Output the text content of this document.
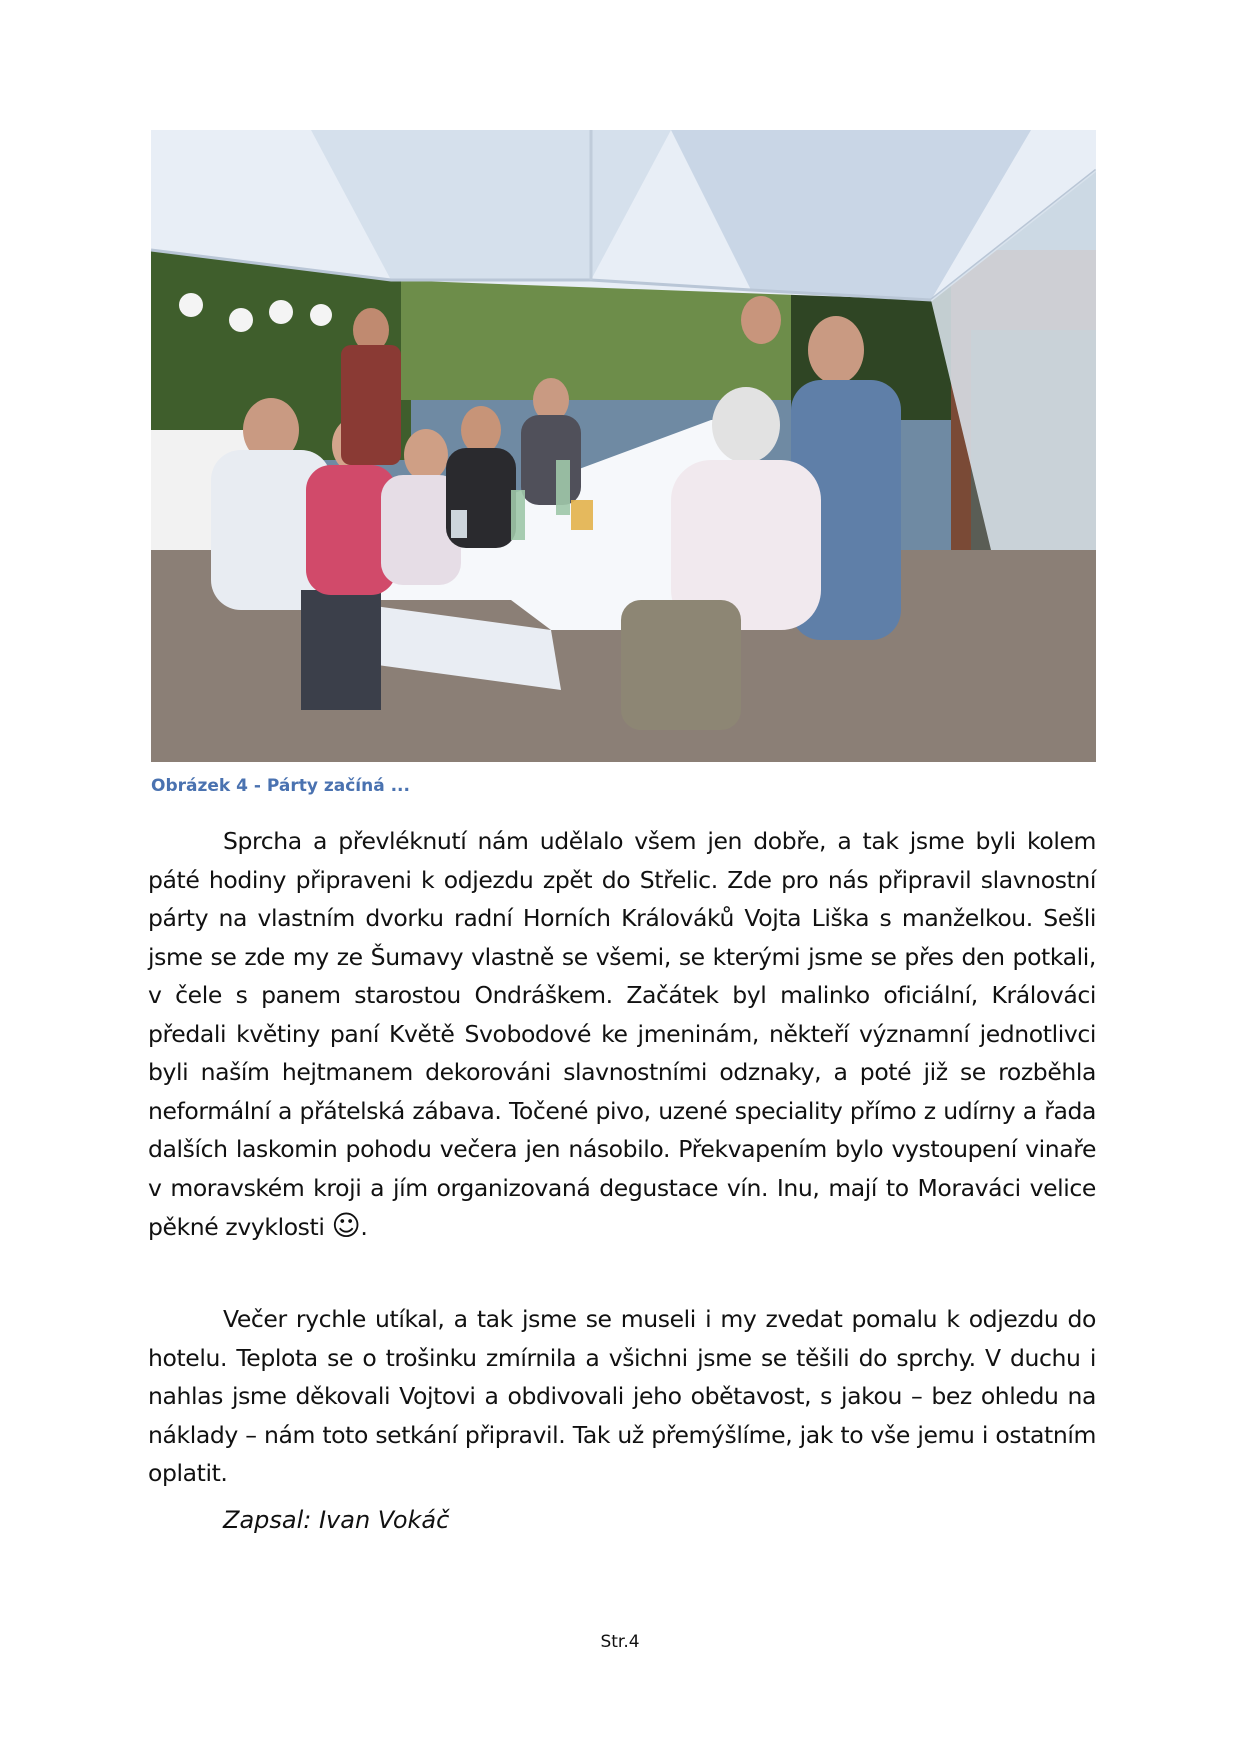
Obrázek 4 - Párty začíná ...

Sprcha a převléknutí nám udělalo všem jen dobře, a tak jsme byli kolem páté hodiny připraveni k odjezdu zpět do Střelic. Zde pro nás připravil slavnostní párty na vlastním dvorku radní Horních Králováků Vojta Liška s manželkou. Sešli jsme se zde my ze Šumavy vlastně se všemi, se kterými jsme se přes den potkali, v čele s panem starostou Ondráškem. Začátek byl malinko oficiální, Králováci předali květiny paní Květě Svobodové ke jmeninám, někteří významní jednotlivci byli naším hejtmanem dekorováni slavnostními odznaky, a poté již se rozběhla neformální a přátelská zábava. Točené pivo, uzené speciality přímo z udírny a řada dalších laskomin pohodu večera jen násobilo. Překvapením bylo vystoupení vinaře v moravském kroji a jím organizovaná degustace vín. Inu, mají to Moraváci velice pěkné zvyklosti ☺.

Večer rychle utíkal, a tak jsme se museli i my zvedat pomalu k odjezdu do hotelu. Teplota se o trošinku zmírnila a všichni jsme se těšili do sprchy. V duchu i nahlas jsme děkovali Vojtovi a obdivovali jeho obětavost, s jakou – bez ohledu na náklady – nám toto setkání připravil. Tak už přemýšlíme, jak to vše jemu i ostatním oplatit.

Zapsal: Ivan Vokáč
Str.4
